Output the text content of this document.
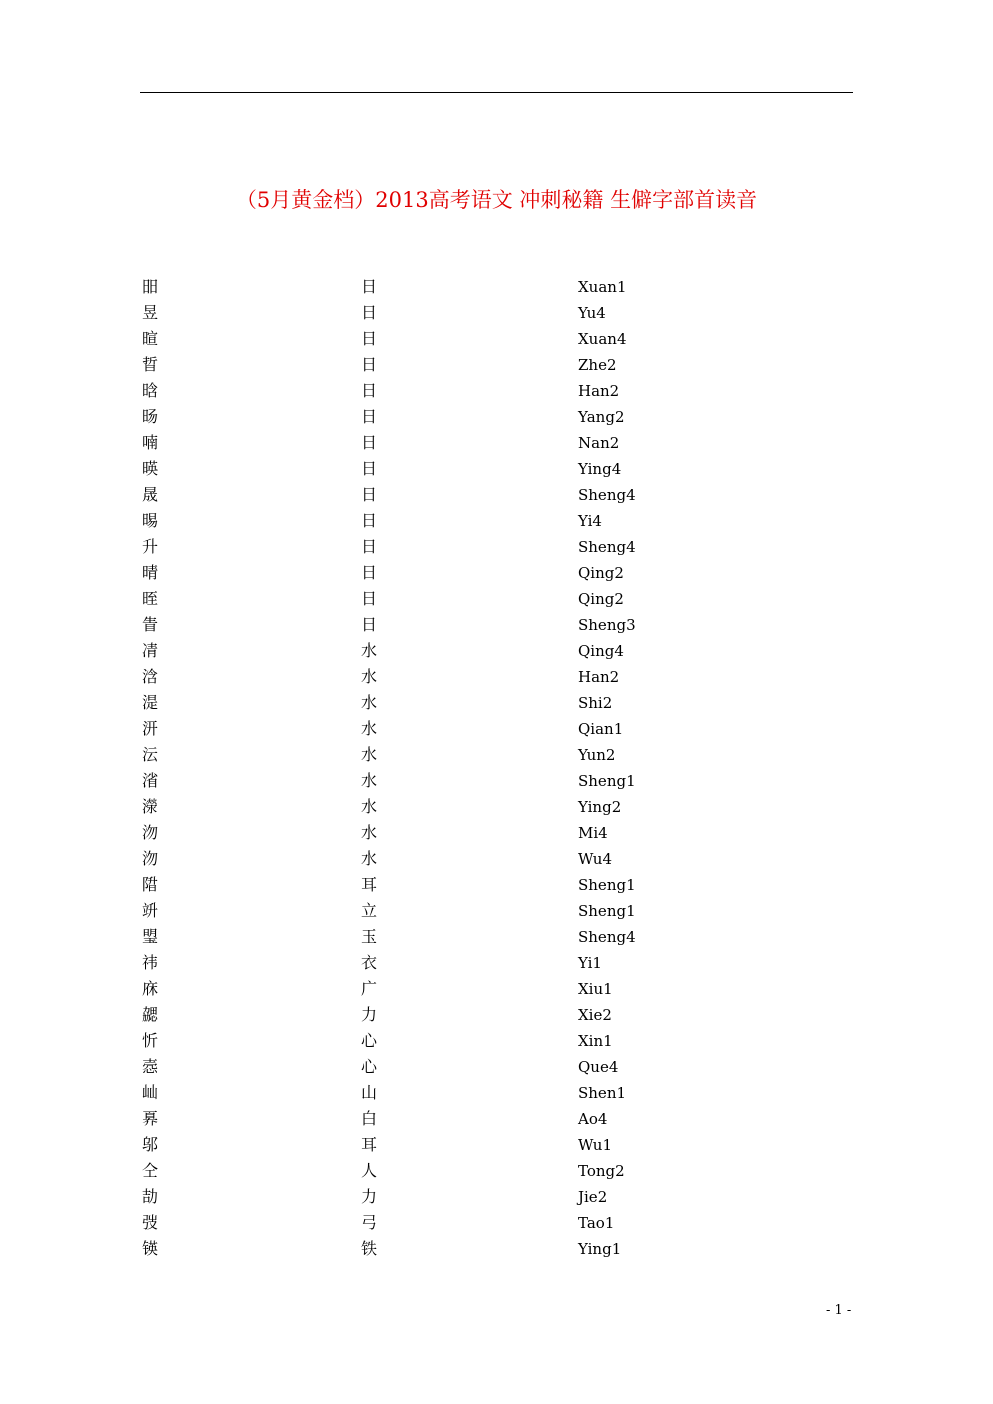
（5月黄金档）2013高考语文 冲刺秘籍 生僻字部首读音
昍	日	Xuan1
昱	日	Yu4
暄	日	Xuan4
晢	日	Zhe2
晗	日	Han2
旸	日	Yang2
喃	日	Nan2
暎	日	Ying4
晟	日	Sheng4
晹	日	Yi4
升	日	Sheng4
晴	日	Qing2
晊	日	Qing2
眚	日	Sheng3
凊	水	Qing4
浛	水	Han2
湜	水	Shi2
汧	水	Qian1
沄	水	Yun2
渻	水	Sheng1
濴	水	Ying2
沕	水	Mi4
沕	水	Wu4
陹	耳	Sheng1
竔	立	Sheng1
琞	玉	Sheng4
祎	衣	Yi1
庥	广	Xiu1
勰	力	Xie2
忻	心	Xin1
悫	心	Que4
屾	山	Shen1
奡	白	Ao4
邬	耳	Wu1
仝	人	Tong2
劼	力	Jie2
弢	弓	Tao1
锳	铁	Ying1
- 1 -
